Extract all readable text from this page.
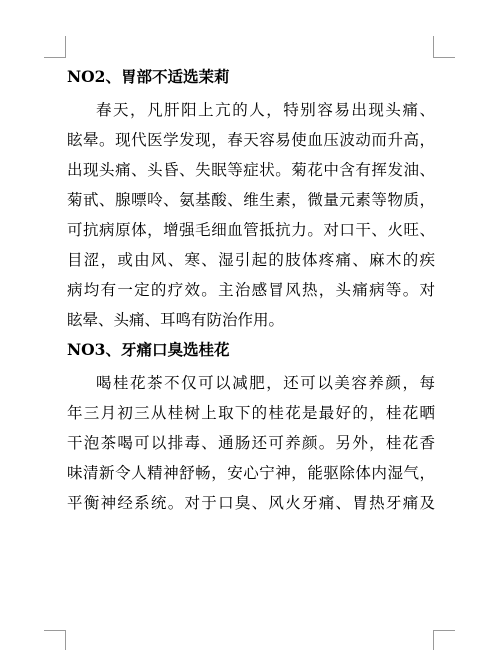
NO2、胃部不适选茉莉

春天，凡肝阳上亢的人，特别容易出现头痛、
眩晕。现代医学发现，春天容易使血压波动而升高，
出现头痛、头昏、失眠等症状。菊花中含有挥发油、
菊甙、腺嘌呤、氨基酸、维生素，微量元素等物质，
可抗病原体，增强毛细血管抵抗力。对口干、火旺、
目涩，或由风、寒、湿引起的肢体疼痛、麻木的疾
病均有一定的疗效。主治感冒风热，头痛病等。对
眩晕、头痛、耳鸣有防治作用。

NO3、牙痛口臭选桂花

喝桂花茶不仅可以减肥，还可以美容养颜，每
年三月初三从桂树上取下的桂花是最好的，桂花晒
干泡茶喝可以排毒、通肠还可养颜。另外，桂花香
味清新令人精神舒畅，安心宁神，能驱除体内湿气，
平衡神经系统。对于口臭、风火牙痛、胃热牙痛及
